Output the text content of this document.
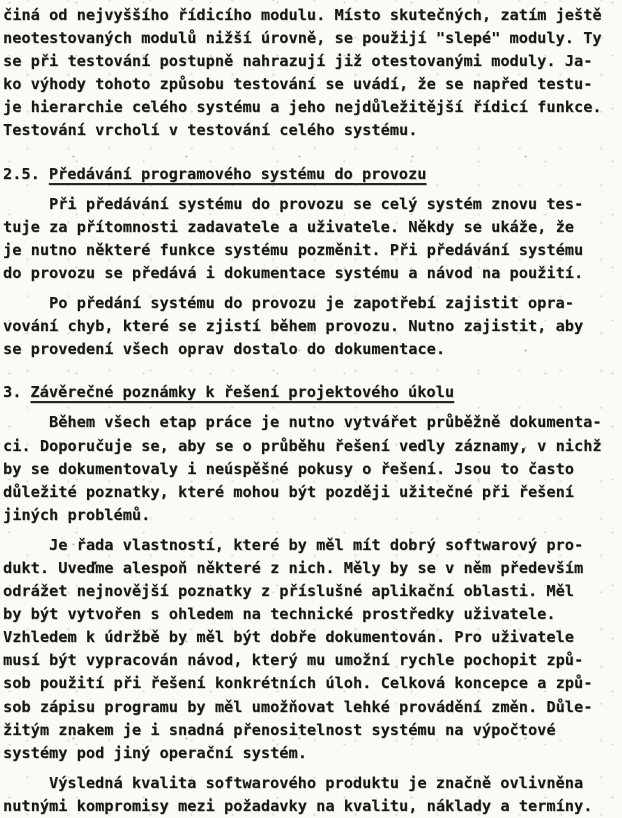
činá od nejvyššího řídicího modulu. Místo skutečných, zatím ještě
neotestovaných modulů nižší úrovně, se použijí "slepé" moduly. Ty
se při testování postupně nahrazují již otestovanými moduly. Ja-
ko výhody tohoto způsobu testování se uvádí, že se napřed testu-
je hierarchie celého systému a jeho nejdůležitější řídicí funkce.
Testování vrcholí v testování celého systému.
2.5. Předávání programového systému do provozu
Při předávání systému do provozu se celý systém znovu tes-
tuje za přítomnosti zadavatele a uživatele. Někdy se ukáže, že
je nutno některé funkce systému pozměnit. Při předávání systému
do provozu se předává i dokumentace systému a návod na použití.
Po předání systému do provozu je zapotřebí zajistit opra-
vování chyb, které se zjistí během provozu. Nutno zajistit, aby
se provedení všech oprav dostalo do dokumentace.
3. Závěrečné poznámky k řešení projektového úkolu
Během všech etap práce je nutno vytvářet průběžně dokumenta-
ci. Doporučuje se, aby se o průběhu řešení vedly záznamy, v nichž
by se dokumentovaly i neúspěšné pokusy o řešení. Jsou to často
důležité poznatky, které mohou být později užitečné při řešení
jiných problémů.
Je řada vlastností, které by měl mít dobrý softwarový pro-
dukt. Uveďme alespoň některé z nich. Měly by se v něm především
odrážet nejnovější poznatky z příslušné aplikační oblasti. Měl
by být vytvořen s ohledem na technické prostředky uživatele.
Vzhledem k údržbě by měl být dobře dokumentován. Pro uživatele
musí být vypracován návod, který mu umožní rychle pochopit způ-
sob použití při řešení konkrétních úloh. Celková koncepce a způ-
sob zápisu programu by měl umožňovat lehké provádění změn. Důle-
žitým znakem je i snadná přenositelnost systému na výpočtové
systémy pod jiný operační systém.
Výsledná kvalita softwarového produktu je značně ovlivněna
nutnými kompromisy mezi požadavky na kvalitu, náklady a termíny.
